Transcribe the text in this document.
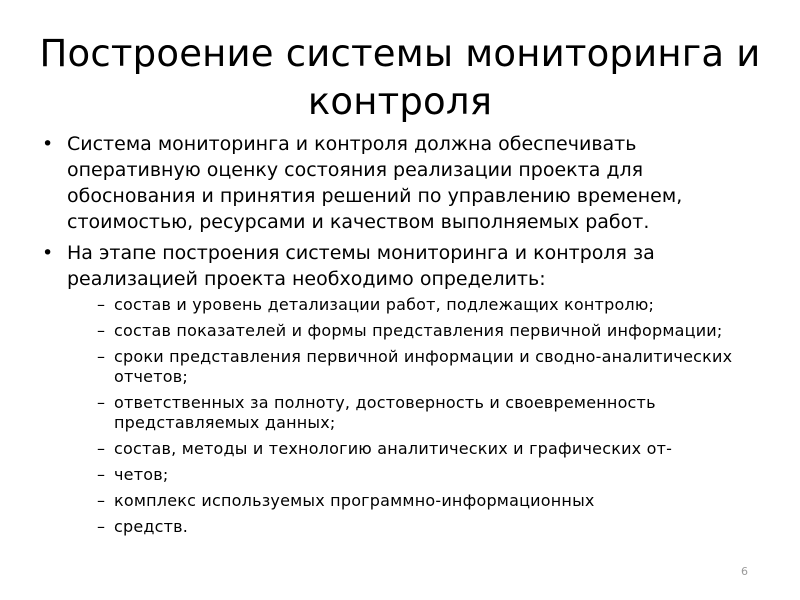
Построение системы мониторинга и контроля
• Система мониторинга и контроля должна обеспечивать оперативную оценку состояния реализации проекта для обоснования и принятия решений по управлению временем, стоимостью, ресурсами и качеством выполняемых работ.
• На этапе построения системы мониторинга и контроля за реализацией проекта необходимо определить:
– состав и уровень детализации работ, подлежащих контролю;
– состав показателей и формы представления первичной информации;
– сроки представления первичной информации и сводно-аналитических отчетов;
– ответственных за полноту, достоверность и своевременность представляемых данных;
– состав, методы и технологию аналитических и графических от-
– четов;
– комплекс используемых программно-информационных
– средств.
6
